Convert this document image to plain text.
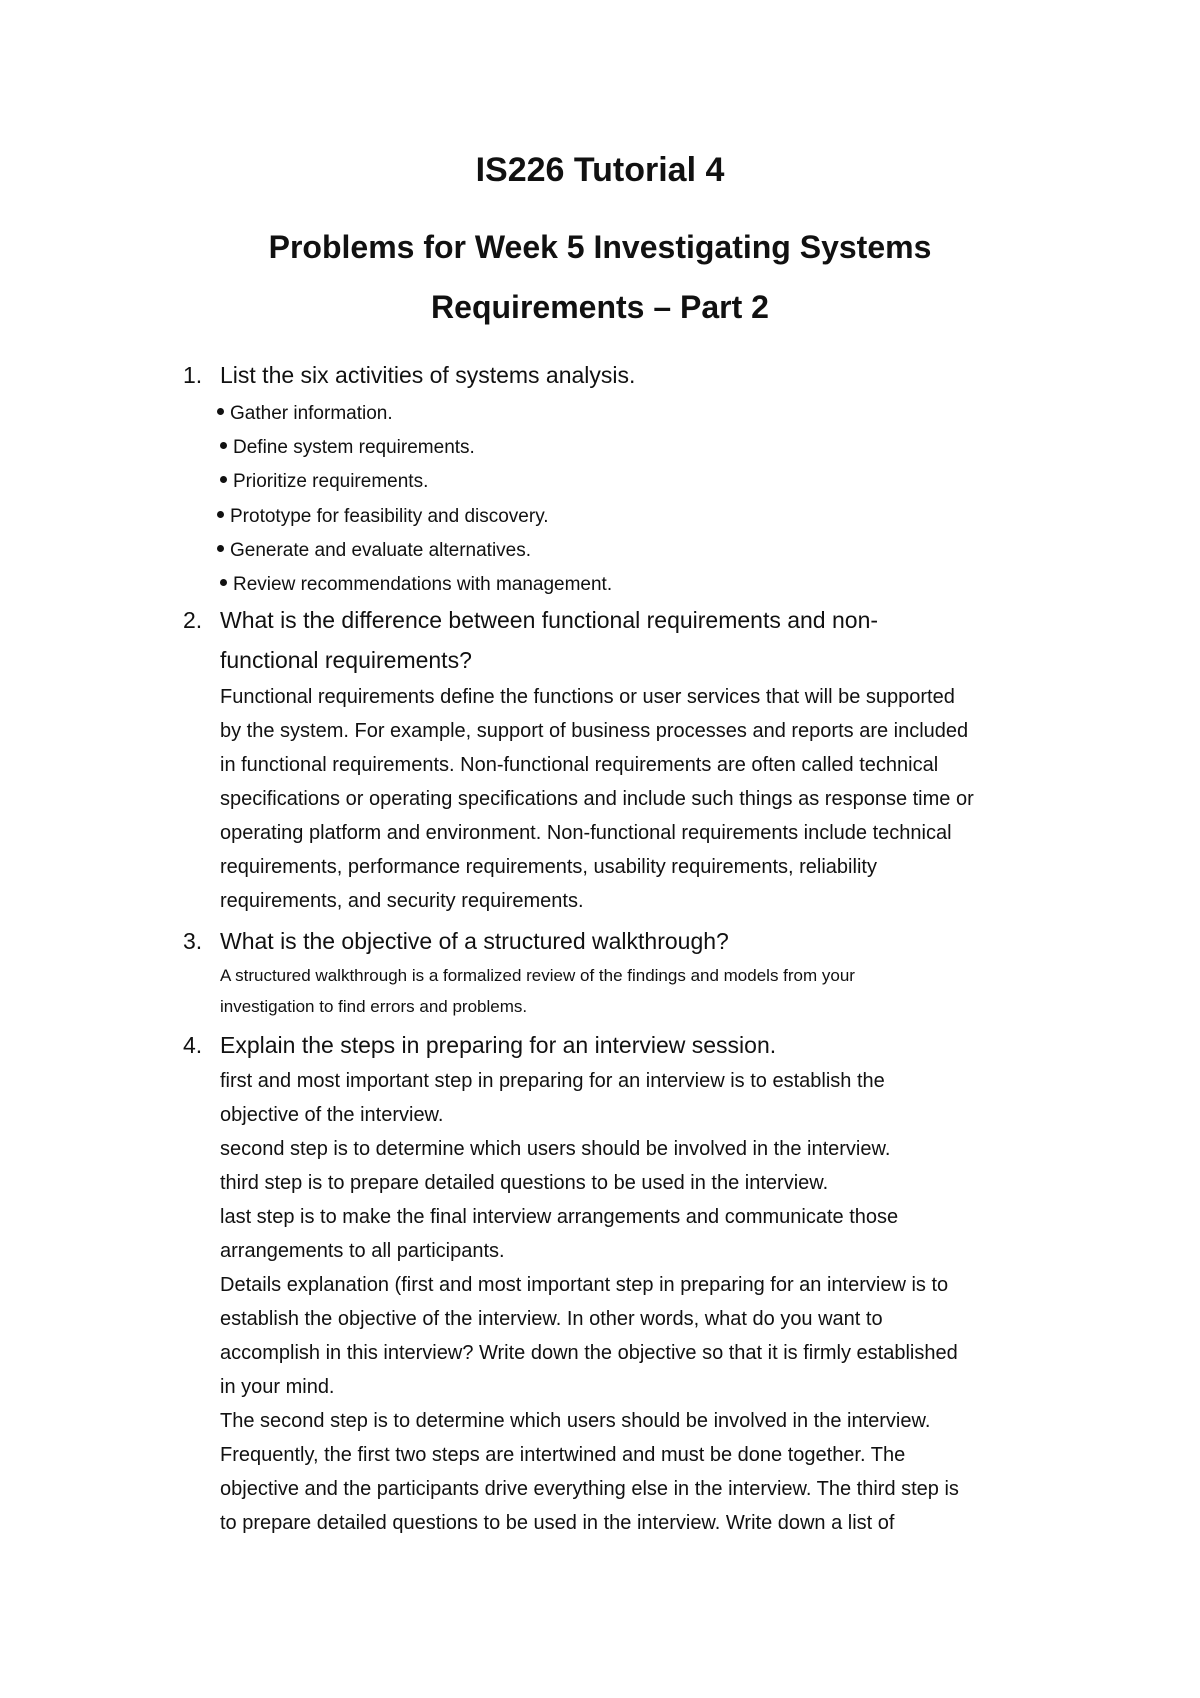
IS226 Tutorial 4
Problems for Week 5 Investigating Systems
Requirements – Part 2
1. List the six activities of systems analysis.
Gather information.
Define system requirements.
Prioritize requirements.
Prototype for feasibility and discovery.
Generate and evaluate alternatives.
Review recommendations with management.
2. What is the difference between functional requirements and non-
functional requirements?
Functional requirements define the functions or user services that will be supported
by the system. For example, support of business processes and reports are included
in functional requirements. Non-functional requirements are often called technical
specifications or operating specifications and include such things as response time or
operating platform and environment. Non-functional requirements include technical
requirements, performance requirements, usability requirements, reliability
requirements, and security requirements.
3. What is the objective of a structured walkthrough?
A structured walkthrough is a formalized review of the findings and models from your
investigation to find errors and problems.
4. Explain the steps in preparing for an interview session.
first and most important step in preparing for an interview is to establish the
objective of the interview.
second step is to determine which users should be involved in the interview.
third step is to prepare detailed questions to be used in the interview.
last step is to make the final interview arrangements and communicate those
arrangements to all participants.
Details explanation (first and most important step in preparing for an interview is to
establish the objective of the interview. In other words, what do you want to
accomplish in this interview? Write down the objective so that it is firmly established
in your mind.
The second step is to determine which users should be involved in the interview.
Frequently, the first two steps are intertwined and must be done together. The
objective and the participants drive everything else in the interview. The third step is
to prepare detailed questions to be used in the interview. Write down a list of
